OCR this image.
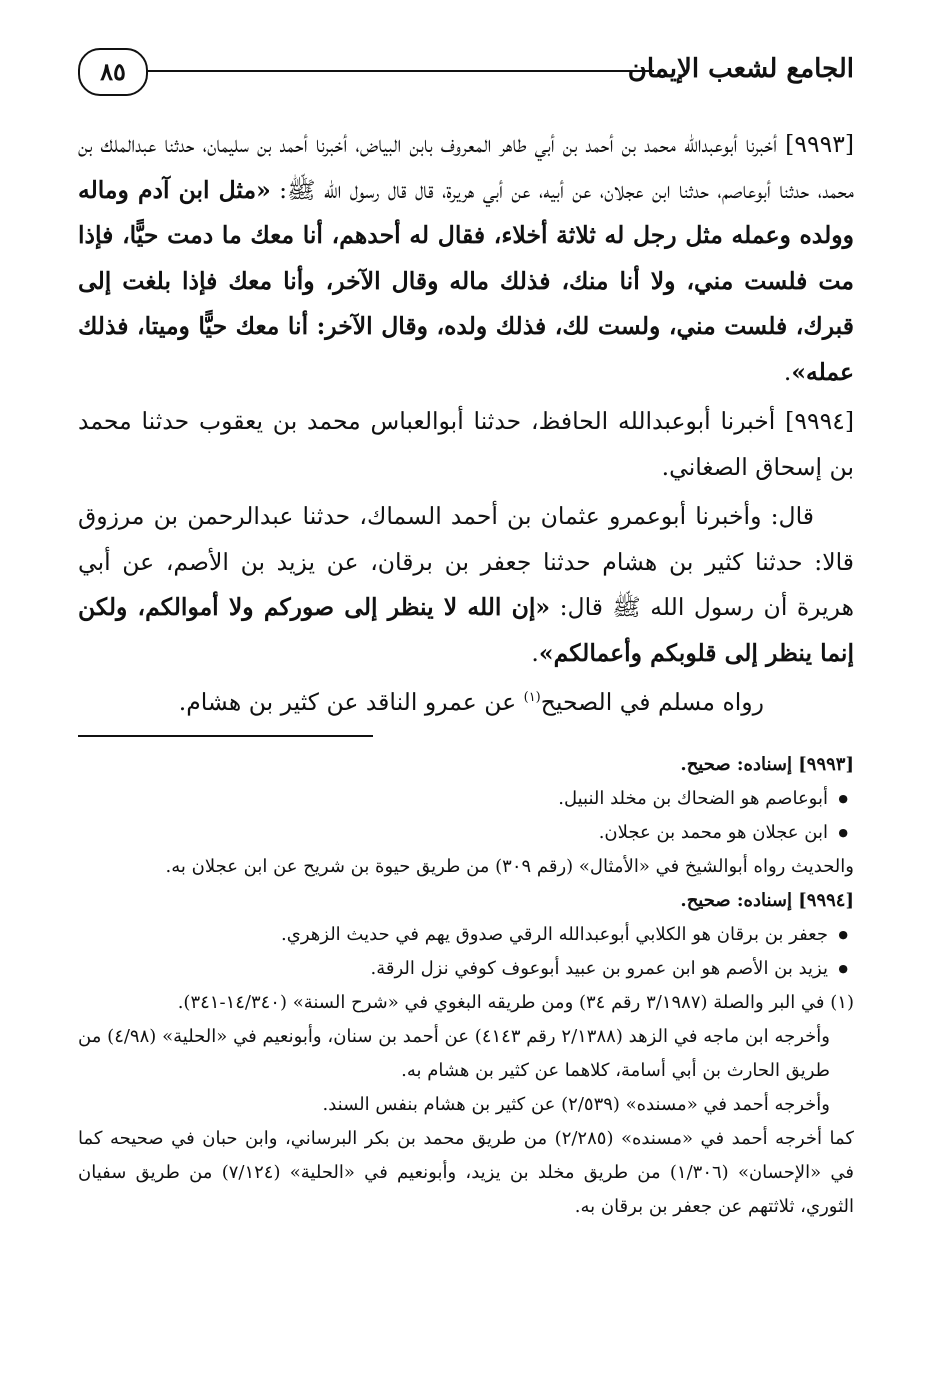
الجامع لشعب الإيمان
٨٥

[٩٩٩٣] أخبرنا أبوعبدالله محمد بن أحمد بن أبي طاهر المعروف بابن البياض، أخبرنا أحمد بن سليمان، حدثنا عبدالملك بن محمد، حدثنا أبوعاصم، حدثنا ابن عجلان، عن أبيه، عن أبي هريرة، قال قال رسول الله ﷺ: «مثل ابن آدم وماله وولده وعمله مثل رجل له ثلاثة أخلاء، فقال له أحدهم، أنا معك ما دمت حيًّا، فإذا مت فلست مني، ولا أنا منك، فذلك ماله وقال الآخر، وأنا معك فإذا بلغت إلى قبرك، فلست مني، ولست لك، فذلك ولده، وقال الآخر: أنا معك حيًّا وميتا، فذلك عمله».

[٩٩٩٤] أخبرنا أبوعبدالله الحافظ، حدثنا أبوالعباس محمد بن يعقوب حدثنا محمد بن إسحاق الصغاني.

قال: وأخبرنا أبوعمرو عثمان بن أحمد السماك، حدثنا عبدالرحمن بن مرزوق قالا: حدثنا كثير بن هشام حدثنا جعفر بن برقان، عن يزيد بن الأصم، عن أبي هريرة أن رسول الله ﷺ قال: «إن الله لا ينظر إلى صوركم ولا أموالكم، ولكن إنما ينظر إلى قلوبكم وأعمالكم».

رواه مسلم في الصحيح$^{(١)}$ عن عمرو الناقد عن كثير بن هشام.

[٩٩٩٣] إسناده: صحيح.

● أبوعاصم هو الضحاك بن مخلد النبيل.

● ابن عجلان هو محمد بن عجلان.

والحديث رواه أبوالشيخ في «الأمثال» (رقم ٣٠٩) من طريق حيوة بن شريح عن ابن عجلان به.

[٩٩٩٤] إسناده: صحيح.

● جعفر بن برقان هو الكلابي أبوعبدالله الرقي صدوق يهم في حديث الزهري.

● يزيد بن الأصم هو ابن عمرو بن عبيد أبوعوف كوفي نزل الرقة.

(١) في البر والصلة (٣/١٩٨٧ رقم ٣٤) ومن طريقه البغوي في «شرح السنة» (١٤/٣٤٠-٣٤١).

وأخرجه ابن ماجه في الزهد (٢/١٣٨٨ رقم ٤١٤٣) عن أحمد بن سنان، وأبونعيم في «الحلية» (٤/٩٨) من طريق الحارث بن أبي أسامة، كلاهما عن كثير بن هشام به.

وأخرجه أحمد في «مسنده» (٢/٥٣٩) عن كثير بن هشام بنفس السند.

كما أخرجه أحمد في «مسنده» (٢/٢٨٥) من طريق محمد بن بكر البرساني، وابن حبان في صحيحه كما في «الإحسان» (١/٣٠٦) من طريق مخلد بن يزيد، وأبونعيم في «الحلية» (٧/١٢٤) من طريق سفيان الثوري، ثلاثتهم عن جعفر بن برقان به.
